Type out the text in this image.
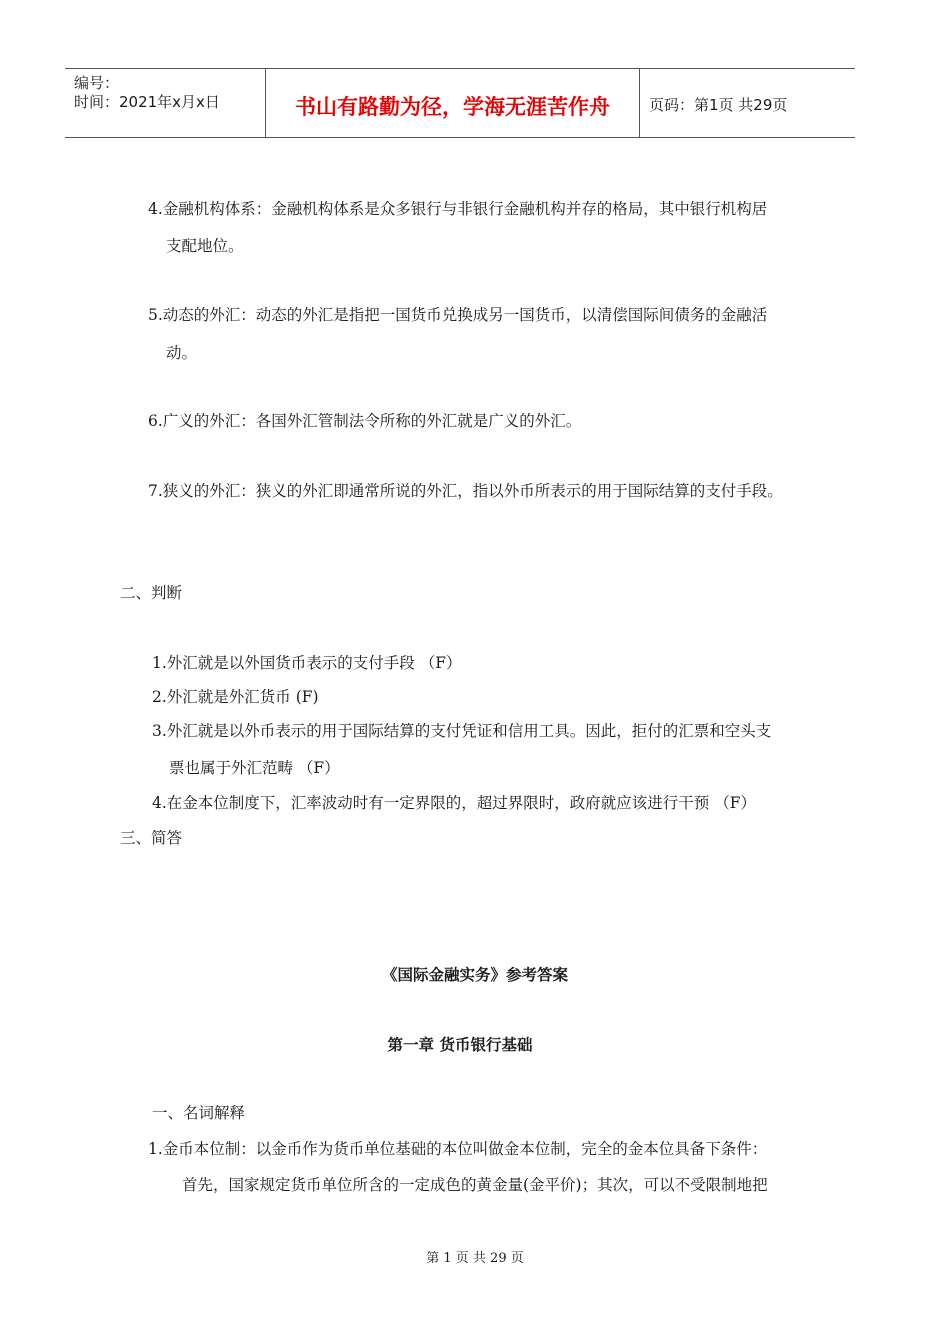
编号：
时间：2021年x月x日	书山有路勤为径，学海无涯苦作舟	页码：第1页 共29页
4.金融机构体系：金融机构体系是众多银行与非银行金融机构并存的格局，其中银行机构居
支配地位。
5.动态的外汇：动态的外汇是指把一国货币兑换成另一国货币，以清偿国际间债务的金融活
动。
6.广义的外汇：各国外汇管制法令所称的外汇就是广义的外汇。
7.狭义的外汇：狭义的外汇即通常所说的外汇，指以外币所表示的用于国际结算的支付手段。
二、判断
1.外汇就是以外国货币表示的支付手段 （F）
2.外汇就是外汇货币 (F)
3.外汇就是以外币表示的用于国际结算的支付凭证和信用工具。因此，拒付的汇票和空头支
票也属于外汇范畴 （F）
4.在金本位制度下，汇率波动时有一定界限的，超过界限时，政府就应该进行干预 （F）
三、简答
《国际金融实务》参考答案
第一章 货币银行基础
一、名词解释
1.金币本位制：以金币作为货币单位基础的本位叫做金本位制，完全的金本位具备下条件：
首先，国家规定货币单位所含的一定成色的黄金量(金平价)；其次，可以不受限制地把
第 1 页 共 29 页
